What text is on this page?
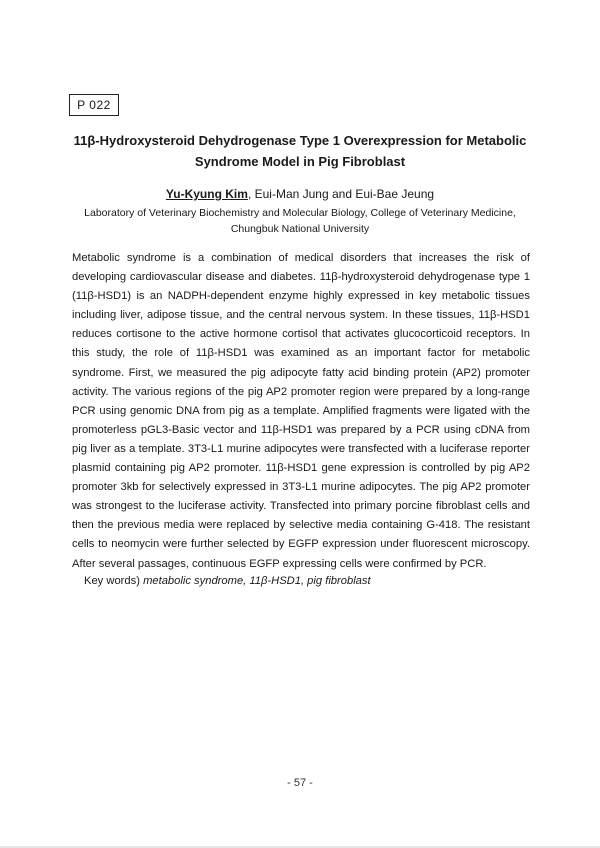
P 022
11β-Hydroxysteroid Dehydrogenase Type 1 Overexpression for Metabolic
Syndrome Model in Pig Fibroblast
Yu-Kyung Kim, Eui-Man Jung and Eui-Bae Jeung
Laboratory of Veterinary Biochemistry and Molecular Biology, College of Veterinary Medicine,
Chungbuk National University

Metabolic syndrome is a combination of medical disorders that increases the risk of developing cardiovascular disease and diabetes. 11β-hydroxysteroid dehydrogenase type 1 (11β-HSD1) is an NADPH-dependent enzyme highly expressed in key metabolic tissues including liver, adipose tissue, and the central nervous system. In these tissues, 11β-HSD1 reduces cortisone to the active hormone cortisol that activates glucocorticoid receptors. In this study, the role of 11β-HSD1 was examined as an important factor for metabolic syndrome. First, we measured the pig adipocyte fatty acid binding protein (AP2) promoter activity. The various regions of the pig AP2 promoter region were prepared by a long-range PCR using genomic DNA from pig as a template. Amplified fragments were ligated with the promoterless pGL3-Basic vector and 11β-HSD1 was prepared by a PCR using cDNA from pig liver as a template. 3T3-L1 murine adipocytes were transfected with a luciferase reporter plasmid containing pig AP2 promoter. 11β-HSD1 gene expression is controlled by pig AP2 promoter 3kb for selectively expressed in 3T3-L1 murine adipocytes. The pig AP2 promoter was strongest to the luciferase activity. Transfected into primary porcine fibroblast cells and then the previous media were replaced by selective media containing G-418. The resistant cells to neomycin were further selected by EGFP expression under fluorescent microscopy. After several passages, continuous EGFP expressing cells were confirmed by PCR.

Key words) metabolic syndrome, 11β-HSD1, pig fibroblast
- 57 -
